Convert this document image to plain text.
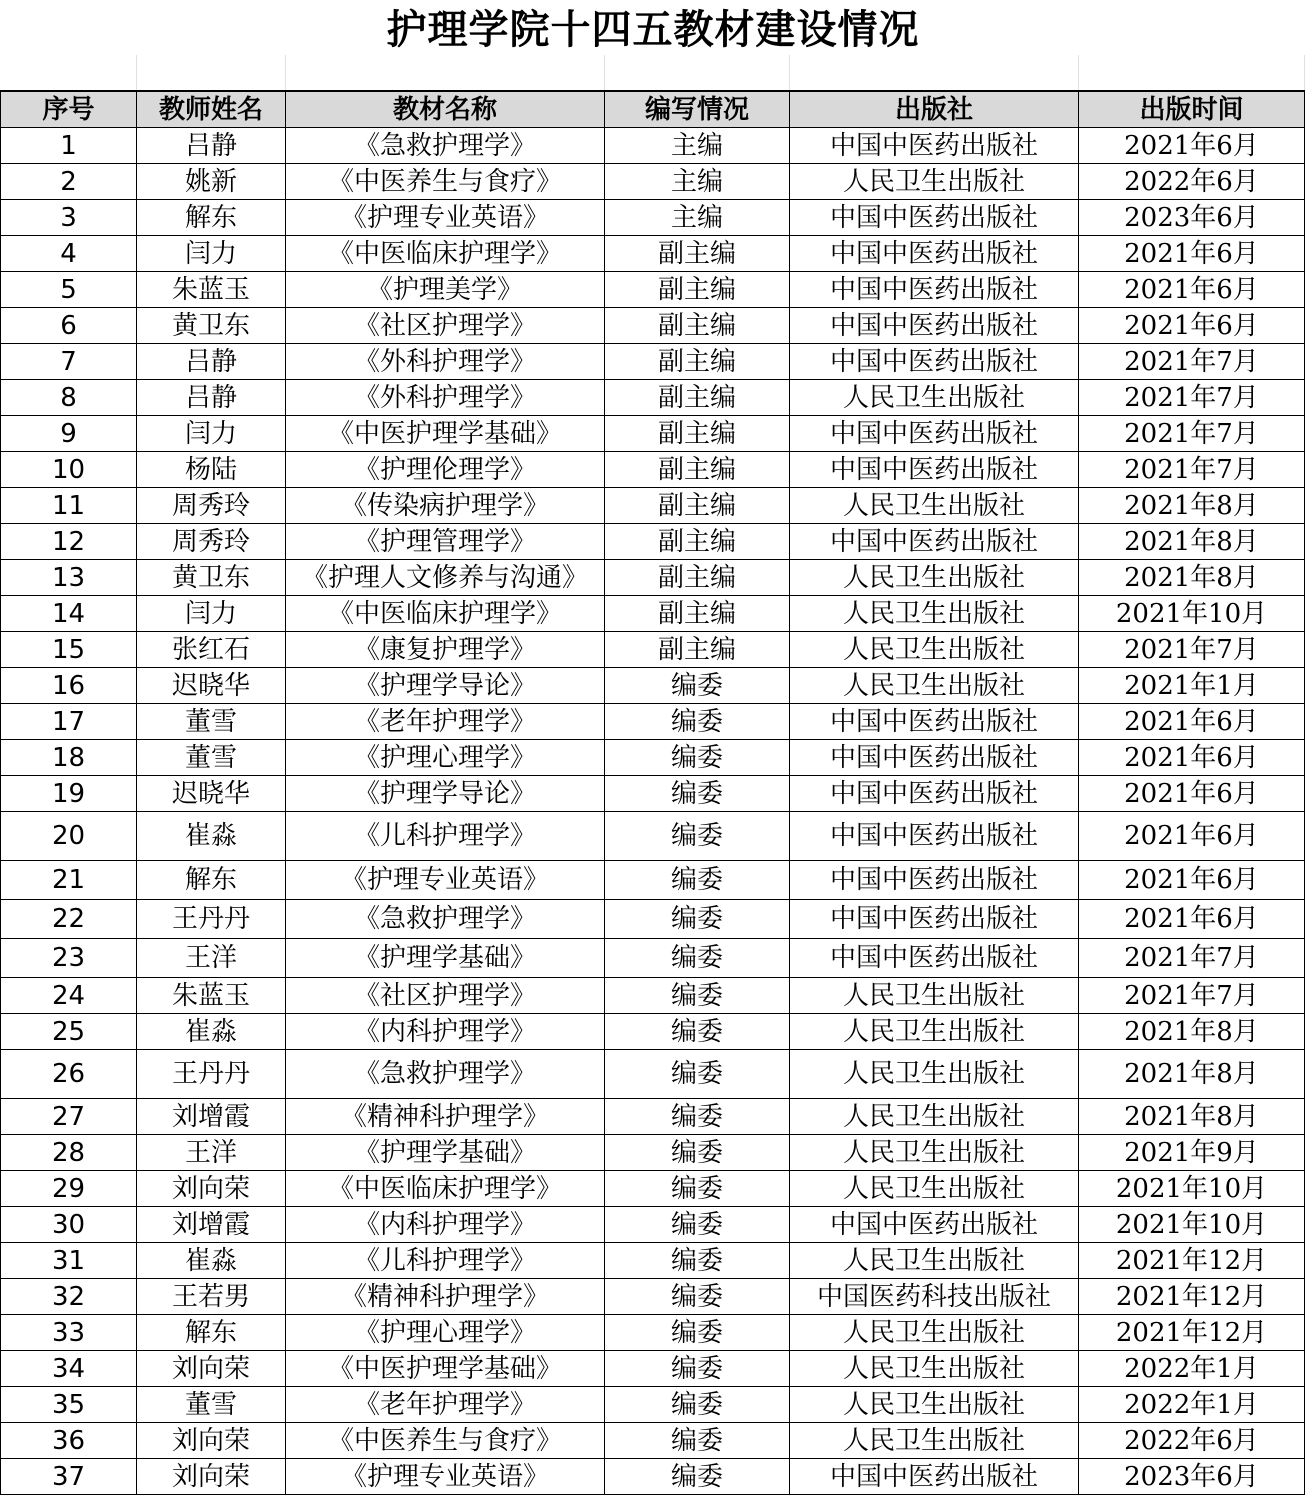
护理学院十四五教材建设情况
序号	教师姓名	教材名称	编写情况	出版社	出版时间
1	吕静	《急救护理学》	主编	中国中医药出版社	2021年6月
2	姚新	《中医养生与食疗》	主编	人民卫生出版社	2022年6月
3	解东	《护理专业英语》	主编	中国中医药出版社	2023年6月
4	闫力	《中医临床护理学》	副主编	中国中医药出版社	2021年6月
5	朱蓝玉	《护理美学》	副主编	中国中医药出版社	2021年6月
6	黄卫东	《社区护理学》	副主编	中国中医药出版社	2021年6月
7	吕静	《外科护理学》	副主编	中国中医药出版社	2021年7月
8	吕静	《外科护理学》	副主编	人民卫生出版社	2021年7月
9	闫力	《中医护理学基础》	副主编	中国中医药出版社	2021年7月
10	杨陆	《护理伦理学》	副主编	中国中医药出版社	2021年7月
11	周秀玲	《传染病护理学》	副主编	人民卫生出版社	2021年8月
12	周秀玲	《护理管理学》	副主编	中国中医药出版社	2021年8月
13	黄卫东	《护理人文修养与沟通》	副主编	人民卫生出版社	2021年8月
14	闫力	《中医临床护理学》	副主编	人民卫生出版社	2021年10月
15	张红石	《康复护理学》	副主编	人民卫生出版社	2021年7月
16	迟晓华	《护理学导论》	编委	人民卫生出版社	2021年1月
17	董雪	《老年护理学》	编委	中国中医药出版社	2021年6月
18	董雪	《护理心理学》	编委	中国中医药出版社	2021年6月
19	迟晓华	《护理学导论》	编委	中国中医药出版社	2021年6月
20	崔淼	《儿科护理学》	编委	中国中医药出版社	2021年6月
21	解东	《护理专业英语》	编委	中国中医药出版社	2021年6月
22	王丹丹	《急救护理学》	编委	中国中医药出版社	2021年6月
23	王洋	《护理学基础》	编委	中国中医药出版社	2021年7月
24	朱蓝玉	《社区护理学》	编委	人民卫生出版社	2021年7月
25	崔淼	《内科护理学》	编委	人民卫生出版社	2021年8月
26	王丹丹	《急救护理学》	编委	人民卫生出版社	2021年8月
27	刘增霞	《精神科护理学》	编委	人民卫生出版社	2021年8月
28	王洋	《护理学基础》	编委	人民卫生出版社	2021年9月
29	刘向荣	《中医临床护理学》	编委	人民卫生出版社	2021年10月
30	刘增霞	《内科护理学》	编委	中国中医药出版社	2021年10月
31	崔淼	《儿科护理学》	编委	人民卫生出版社	2021年12月
32	王若男	《精神科护理学》	编委	中国医药科技出版社	2021年12月
33	解东	《护理心理学》	编委	人民卫生出版社	2021年12月
34	刘向荣	《中医护理学基础》	编委	人民卫生出版社	2022年1月
35	董雪	《老年护理学》	编委	人民卫生出版社	2022年1月
36	刘向荣	《中医养生与食疗》	编委	人民卫生出版社	2022年6月
37	刘向荣	《护理专业英语》	编委	中国中医药出版社	2023年6月
